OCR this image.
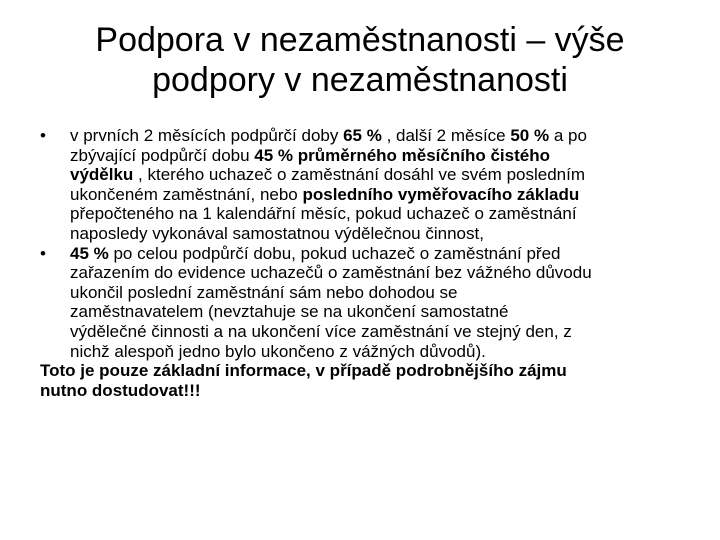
Podpora v nezaměstnanosti – výše
podpory v nezaměstnanosti

•	v prvních 2 měsících podpůrčí doby 65 % , další 2 měsíce 50 % a po
zbývající podpůrčí dobu 45 % průměrného měsíčního čistého
výdělku , kterého uchazeč o zaměstnání dosáhl ve svém posledním
ukončeném zaměstnání, nebo posledního vyměřovacího základu
přepočteného na 1 kalendářní měsíc, pokud uchazeč o zaměstnání
naposledy vykonával samostatnou výdělečnou činnost,

•	45 % po celou podpůrčí dobu, pokud uchazeč o zaměstnání před
zařazením do evidence uchazečů o zaměstnání bez vážného důvodu
ukončil poslední zaměstnání sám nebo dohodou se
zaměstnavatelem (nevztahuje se na ukončení samostatné
výdělečné činnosti a na ukončení více zaměstnání ve stejný den, z
nichž alespoň jedno bylo ukončeno z vážných důvodů).

Toto je pouze základní informace, v případě podrobnějšího zájmu
nutno dostudovat!!!
